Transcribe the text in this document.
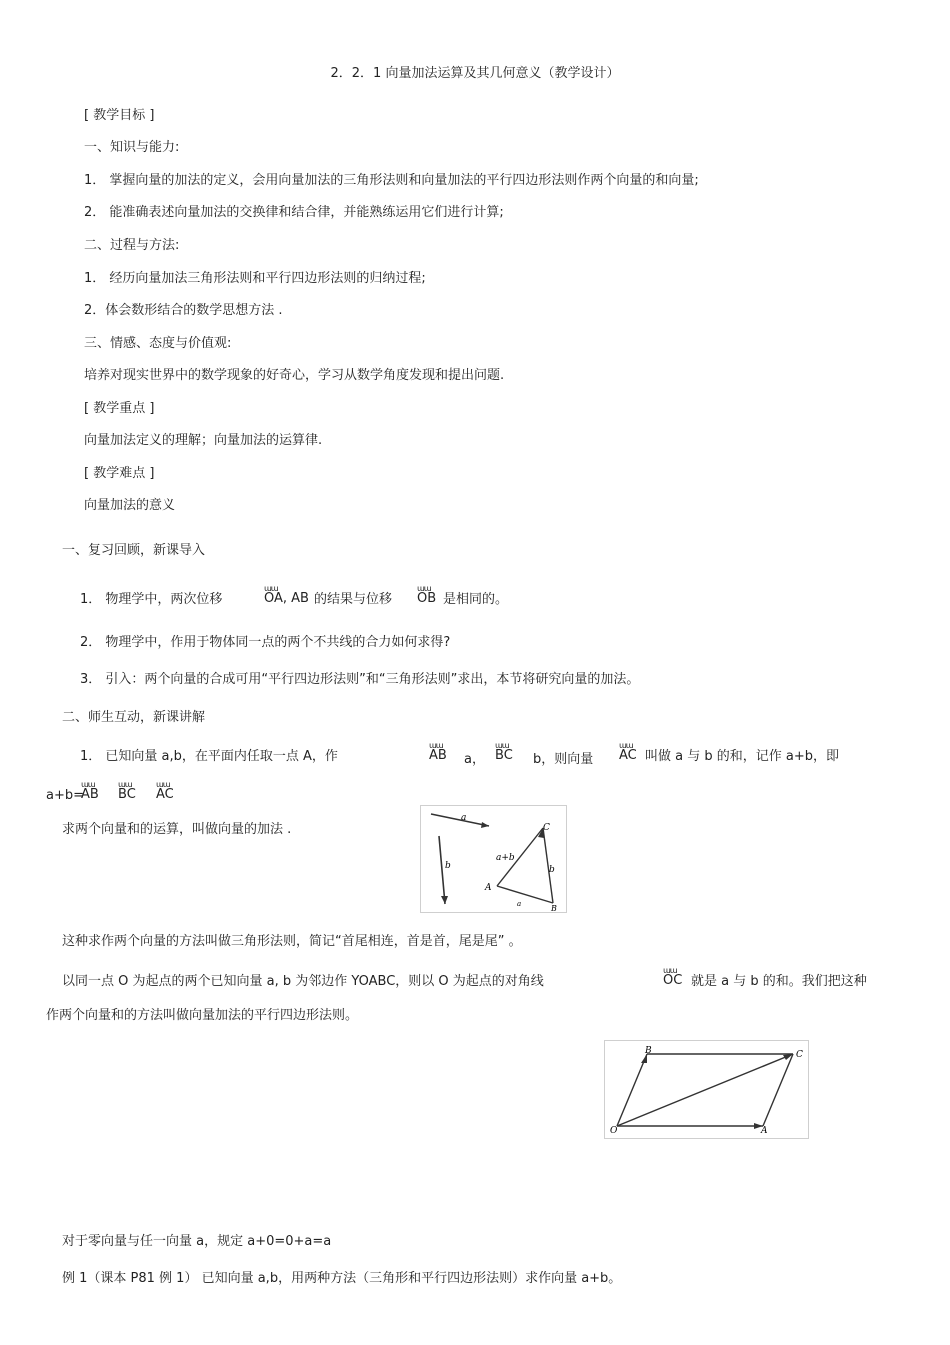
2．2．1 向量加法运算及其几何意义（教学设计）
[ 教学目标 ]
一、知识与能力:
1． 掌握向量的加法的定义，会用向量加法的三角形法则和向量加法的平行四边形法则作两个向量的和向量;
2． 能准确表述向量加法的交换律和结合律，并能熟练运用它们进行计算;
二、过程与方法:
1． 经历向量加法三角形法则和平行四边形法则的归纳过程;
2．体会数形结合的数学思想方法 .
三、情感、态度与价值观:
培养对现实世界中的数学现象的好奇心，学习从数学角度发现和提出问题.
[ 教学重点 ]
向量加法定义的理解；向量加法的运算律.
[ 教学难点 ]
向量加法的意义
一、复习回顾，新课导入
1． 物理学中，两次位移
ɯɯ
OA, AB 的结果与位移
ɯɯ
OB 是相同的。
2． 物理学中，作用于物体同一点的两个不共线的合力如何求得?
3． 引入：两个向量的合成可用“平行四边形法则”和“三角形法则”求出，本节将研究向量的加法。
二、师生互动，新课讲解
1． 已知向量 a,b，在平面内任取一点 A，作
ɯɯ
AB a，
ɯɯ
BC b，则向量
ɯɯ
AC 叫做 a 与 b 的和，记作 a+b，即
a+b=
ɯɯ
AB
ɯɯ
BC
ɯɯ
AC
求两个向量和的运算，叫做向量的加法 .
a
b	b
a+b
A
B
C
a
这种求作两个向量的方法叫做三角形法则，简记“首尾相连，首是首，尾是尾” 。
以同一点 O 为起点的两个已知向量 a, b 为邻边作 YOABC，则以 O 为起点的对角线
ɯɯ
OC 就是 a 与 b 的和。我们把这种
作两个向量和的方法叫做向量加法的平行四边形法则。
B	C
O	A
对于零向量与任一向量 a，规定 a+0=0+a=a
例 1（课本 P81 例 1） 已知向量 a,b，用两种方法（三角形和平行四边形法则）求作向量 a+b。
